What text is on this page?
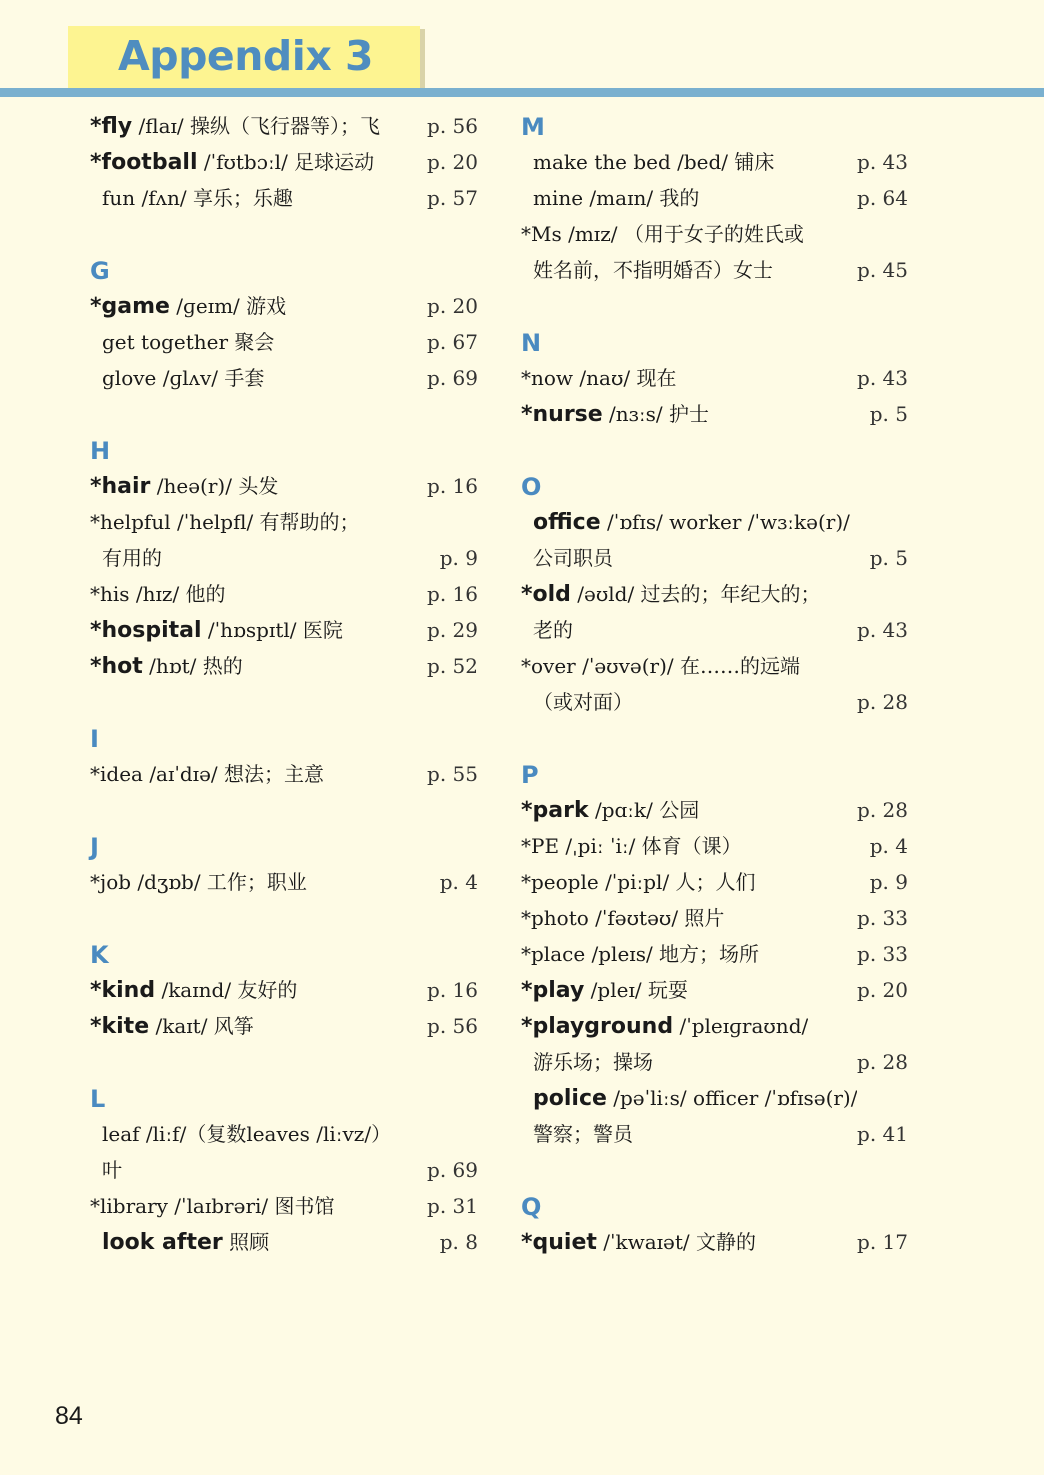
Appendix 3
*fly /flaɪ/ 操纵（飞行器等）；飞	p. 56
*football /ˈfʊtbɔːl/ 足球运动	p. 20
fun /fʌn/ 享乐；乐趣	p. 57
G
*game /ɡeɪm/ 游戏	p. 20
get together 聚会	p. 67
glove /ɡlʌv/ 手套	p. 69
H
*hair /heə(r)/ 头发	p. 16
*helpful /ˈhelpfl/ 有帮助的；
有用的	p. 9
*his /hɪz/ 他的	p. 16
*hospital /ˈhɒspɪtl/ 医院	p. 29
*hot /hɒt/ 热的	p. 52
I
*idea /aɪˈdɪə/ 想法；主意	p. 55
J
*job /dʒɒb/ 工作；职业	p. 4
K
*kind /kaɪnd/ 友好的	p. 16
*kite /kaɪt/ 风筝	p. 56
L
leaf /liːf/（复数leaves /liːvz/）
叶	p. 69
*library /ˈlaɪbrəri/ 图书馆	p. 31
look after 照顾	p. 8
M
make the bed /bed/ 铺床	p. 43
mine /maɪn/ 我的	p. 64
*Ms /mɪz/ （用于女子的姓氏或
姓名前，不指明婚否）女士	p. 45
N
*now /naʊ/ 现在	p. 43
*nurse /nɜːs/ 护士	p. 5
O
office /ˈɒfɪs/ worker /ˈwɜːkə(r)/
公司职员	p. 5
*old /əʊld/ 过去的；年纪大的；
老的	p. 43
*over /ˈəʊvə(r)/ 在……的远端
（或对面）	p. 28
P
*park /pɑːk/ 公园	p. 28
*PE /ˌpiː ˈiː/ 体育（课）	p. 4
*people /ˈpiːpl/ 人；人们	p. 9
*photo /ˈfəʊtəʊ/ 照片	p. 33
*place /pleɪs/ 地方；场所	p. 33
*play /pleɪ/ 玩耍	p. 20
*playground /ˈpleɪɡraʊnd/
游乐场；操场	p. 28
police /pəˈliːs/ officer /ˈɒfɪsə(r)/
警察；警员	p. 41
Q
*quiet /ˈkwaɪət/ 文静的	p. 17
84
